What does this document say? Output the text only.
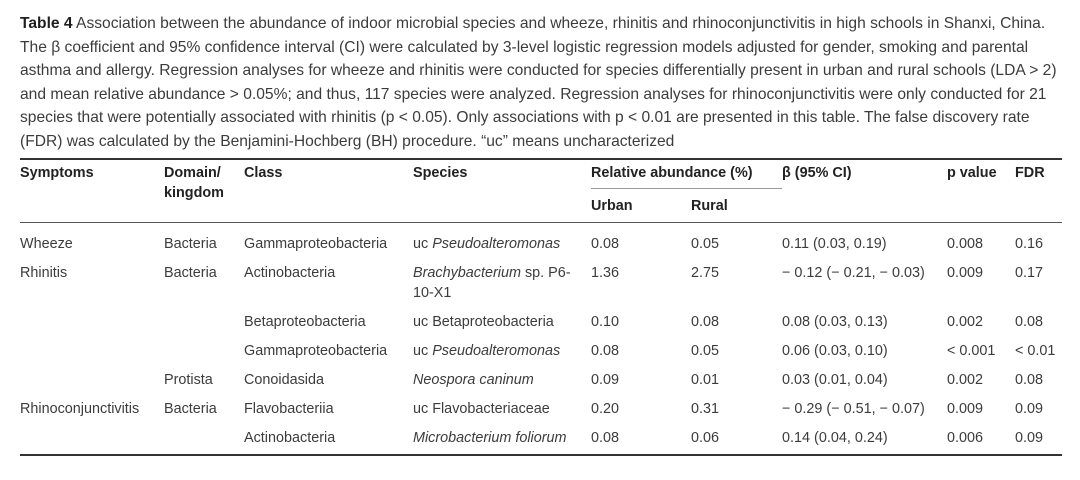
Table 4 Association between the abundance of indoor microbial species and wheeze, rhinitis and rhinoconjunctivitis in high schools in Shanxi, China. The β coefficient and 95% confidence interval (CI) were calculated by 3-level logistic regression models adjusted for gender, smoking and parental asthma and allergy. Regression analyses for wheeze and rhinitis were conducted for species differentially present in urban and rural schools (LDA > 2) and mean relative abundance > 0.05%; and thus, 117 species were analyzed. Regression analyses for rhinoconjunctivitis were only conducted for 21 species that were potentially associated with rhinitis (p < 0.05). Only associations with p < 0.01 are presented in this table. The false discovery rate (FDR) was calculated by the Benjamini-Hochberg (BH) procedure. “uc” means uncharacterized
Symptoms	Domain/ kingdom	Class	Species	Relative abundance (%)		β (95% CI)	p value	FDR
				Urban	Rural			
Wheeze	Bacteria	Gammaproteobacteria	uc Pseudoalteromonas	0.08	0.05	0.11 (0.03, 0.19)	0.008	0.16
Rhinitis	Bacteria	Actinobacteria	Brachybacterium sp. P6-10-X1	1.36	2.75	− 0.12 (− 0.21, − 0.03)	0.009	0.17
		Betaproteobacteria	uc Betaproteobacteria	0.10	0.08	0.08 (0.03, 0.13)	0.002	0.08
		Gammaproteobacteria	uc Pseudoalteromonas	0.08	0.05	0.06 (0.03, 0.10)	< 0.001	< 0.01
	Protista	Conoidasida	Neospora caninum	0.09	0.01	0.03 (0.01, 0.04)	0.002	0.08
Rhinoconjunctivitis	Bacteria	Flavobacteriia	uc Flavobacteriaceae	0.20	0.31	− 0.29 (− 0.51, − 0.07)	0.009	0.09
		Actinobacteria	Microbacterium foliorum	0.08	0.06	0.14 (0.04, 0.24)	0.006	0.09
